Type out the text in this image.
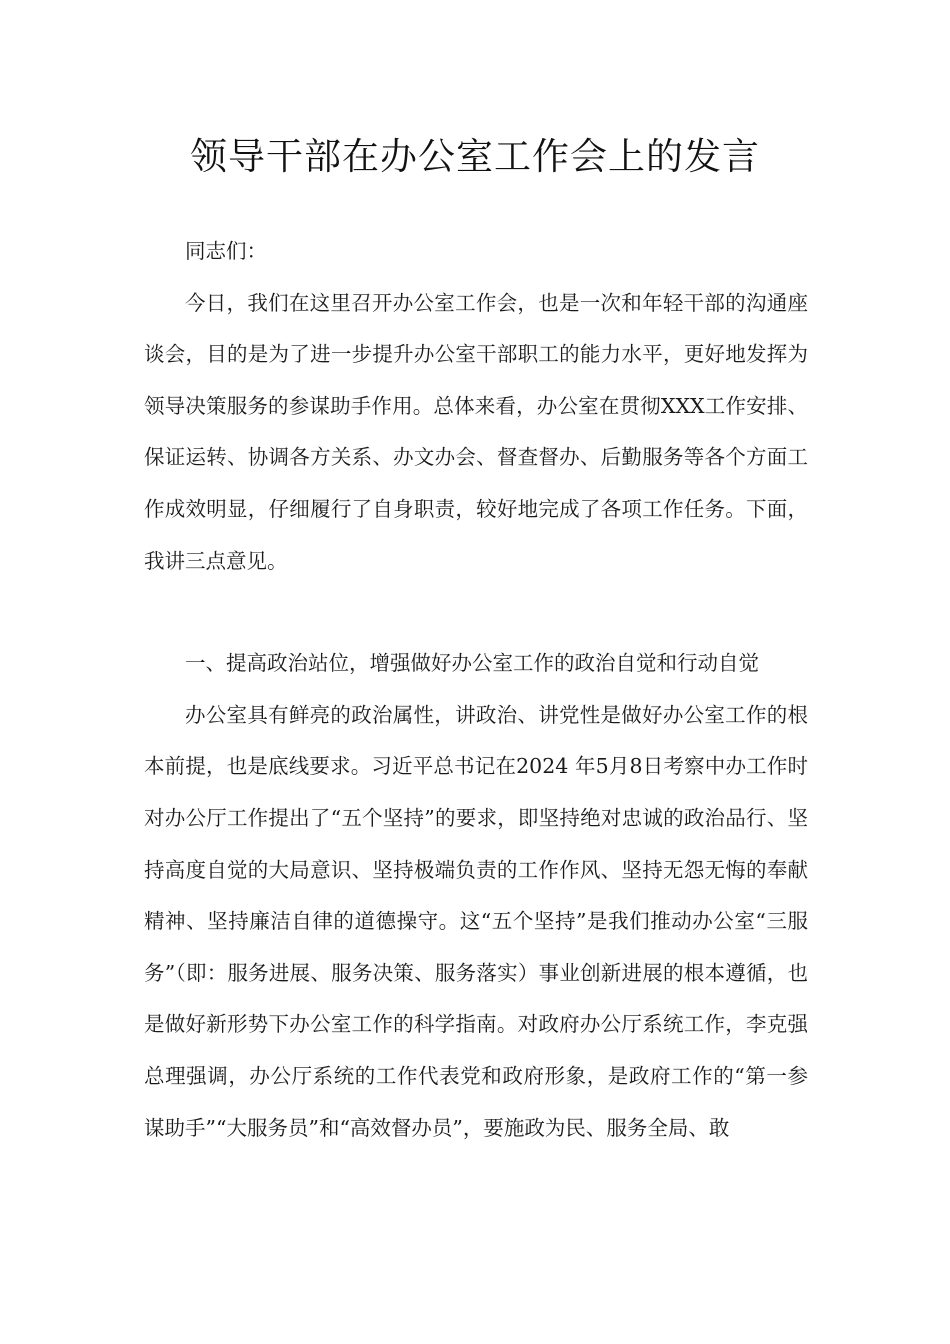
领导干部在办公室工作会上的发言

同志们：

今日，我们在这里召开办公室工作会，也是一次和年轻干部的沟通座谈会，目的是为了进一步提升办公室干部职工的能力水平，更好地发挥为领导决策服务的参谋助手作用。总体来看，办公室在贯彻XXX工作安排、保证运转、协调各方关系、办文办会、督查督办、后勤服务等各个方面工作成效明显，仔细履行了自身职责，较好地完成了各项工作任务。下面，我讲三点意见。

一、提高政治站位，增强做好办公室工作的政治自觉和行动自觉

办公室具有鲜亮的政治属性，讲政治、讲党性是做好办公室工作的根本前提，也是底线要求。习近平总书记在2024 年5月8日考察中办工作时对办公厅工作提出了“五个坚持”的要求，即坚持绝对忠诚的政治品行、坚持高度自觉的大局意识、坚持极端负责的工作作风、坚持无怨无悔的奉献精神、坚持廉洁自律的道德操守。这“五个坚持”是我们推动办公室“三服务”（即：服务进展、服务决策、服务落实）事业创新进展的根本遵循，也是做好新形势下办公室工作的科学指南。对政府办公厅系统工作，李克强总理强调，办公厅系统的工作代表党和政府形象，是政府工作的“第一参谋助手”“大服务员”和“高效督办员”，要施政为民、服务全局、敢
